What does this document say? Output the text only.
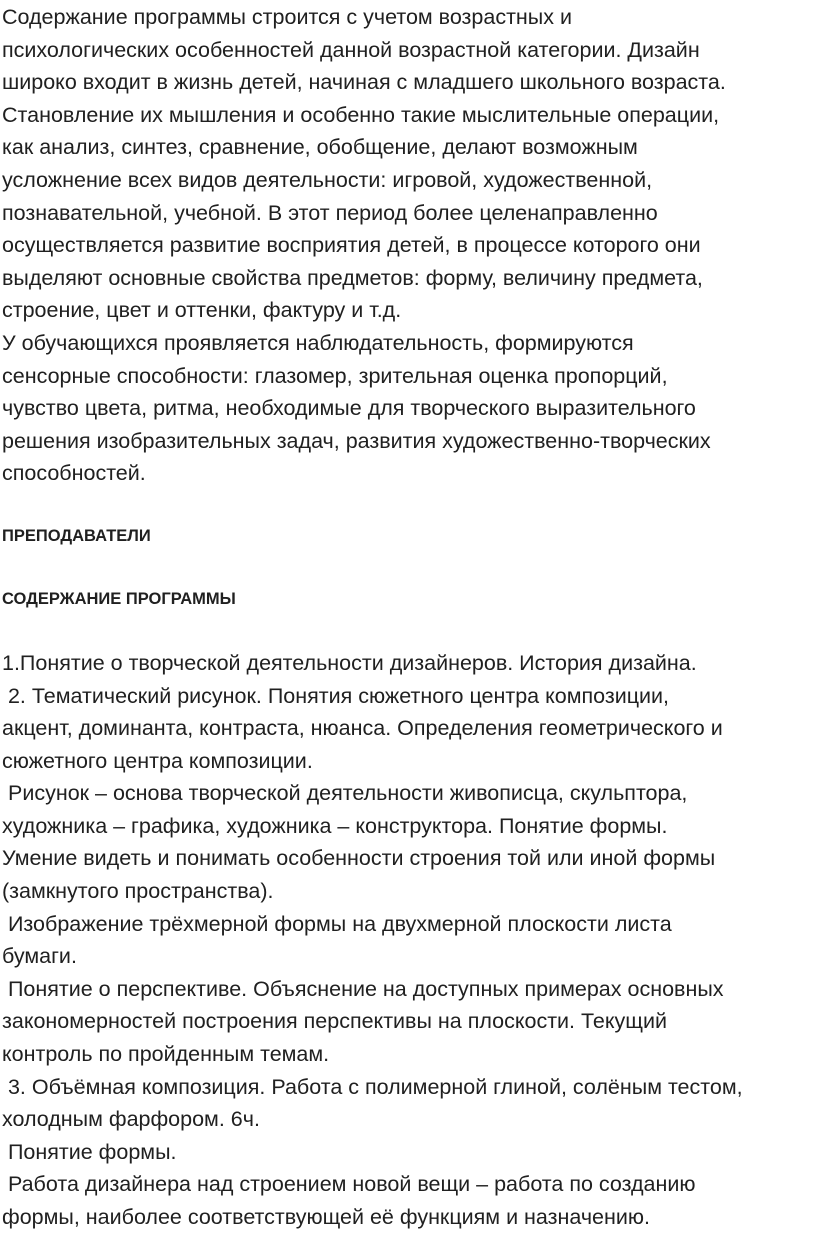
Содержание программы строится с учетом возрастных и
психологических особенностей данной возрастной категории. Дизайн
широко входит в жизнь детей, начиная с младшего школьного возраста.
Становление их мышления и особенно такие мыслительные операции,
как анализ, синтез, сравнение, обобщение, делают возможным
усложнение всех видов деятельности: игровой, художественной,
познавательной, учебной. В этот период более целенаправленно
осуществляется развитие восприятия детей, в процессе которого они
выделяют основные свойства предметов: форму, величину предмета,
строение, цвет и оттенки, фактуру и т.д.
У обучающихся проявляется наблюдательность, формируются
сенсорные способности: глазомер, зрительная оценка пропорций,
чувство цвета, ритма, необходимые для творческого выразительного
решения изобразительных задач, развития художественно-творческих
способностей.
ПРЕПОДАВАТЕЛИ
СОДЕРЖАНИЕ ПРОГРАММЫ
1.Понятие о творческой деятельности дизайнеров. История дизайна.
2. Тематический рисунок. Понятия сюжетного центра композиции,
акцент, доминанта, контраста, нюанса. Определения геометрического и
сюжетного центра композиции.
Рисунок – основа творческой деятельности живописца, скульптора,
художника – графика, художника – конструктора. Понятие формы.
Умение видеть и понимать особенности строения той или иной формы
(замкнутого пространства).
Изображение трёхмерной формы на двухмерной плоскости листа
бумаги.
Понятие о перспективе. Объяснение на доступных примерах основных
закономерностей построения перспективы на плоскости. Текущий
контроль по пройденным темам.
3. Объёмная композиция. Работа с полимерной глиной, солёным тестом,
холодным фарфором. 6ч.
Понятие формы.
Работа дизайнера над строением новой вещи – работа по созданию
формы, наиболее соответствующей её функциям и назначению.
